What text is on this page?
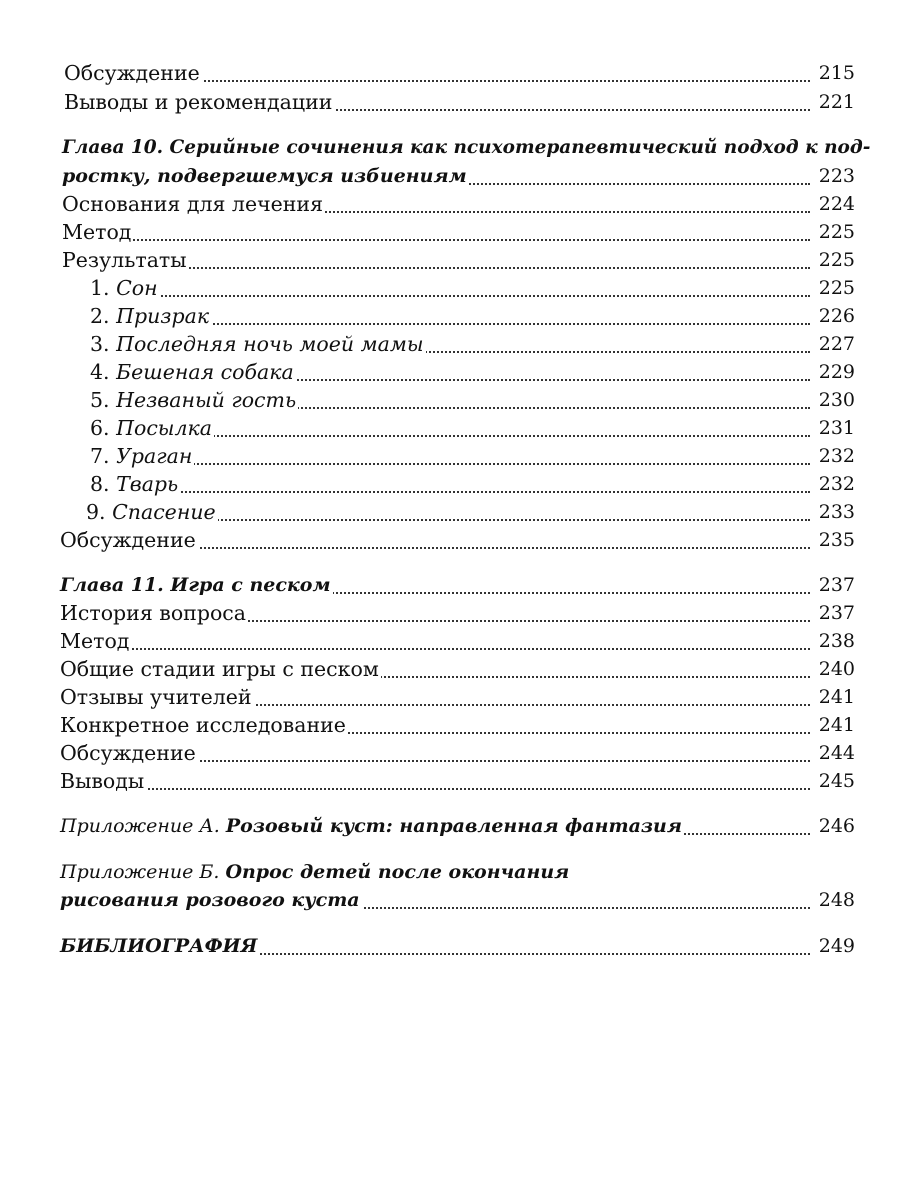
Обсуждение	215
Выводы и рекомендации	221
Глава 10. Серийные сочинения как психотерапевтический подход к под-
ростку, подвергшемуся избиениям	223
Основания для лечения	224
Метод	225
Результаты	225
1. Сон	225
2. Призрак	226
3. Последняя ночь моей мамы	227
4. Бешеная собака	229
5. Незваный гость	230
6. Посылка	231
7. Ураган	232
8. Тварь	232
9. Спасение	233
Обсуждение	235
Глава 11. Игра с песком	237
История вопроса	237
Метод	238
Общие стадии игры с песком	240
Отзывы учителей	241
Конкретное исследование	241
Обсуждение	244
Выводы	245
Приложение А. Розовый куст: направленная фантазия	246
Приложение Б. Опрос детей после окончания
рисования розового куста	248
БИБЛИОГРАФИЯ	249
